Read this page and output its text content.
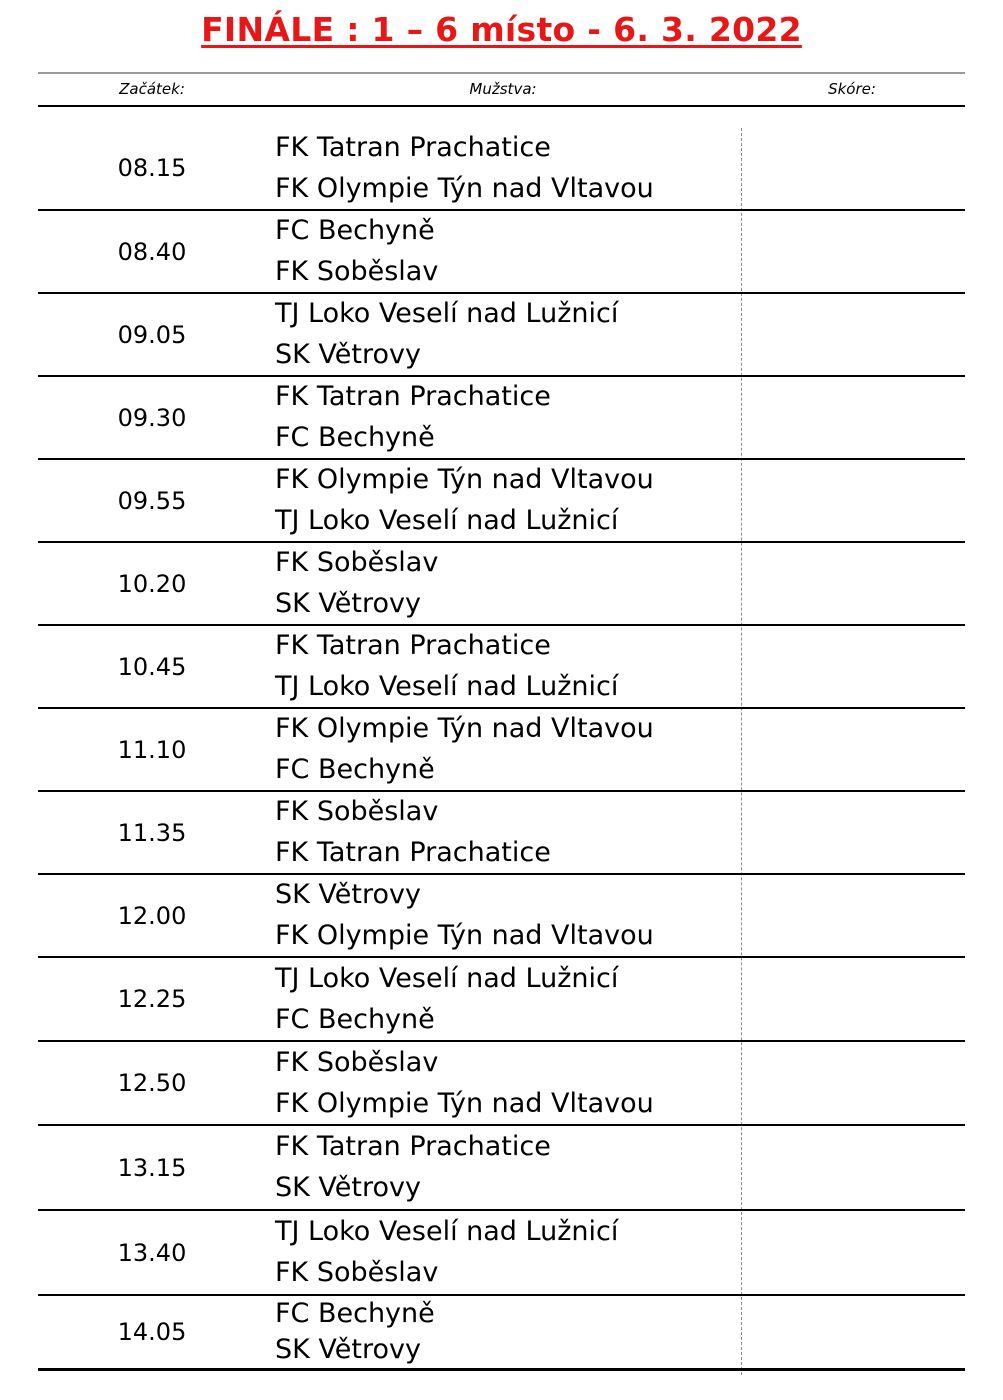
FINÁLE : 1 – 6 místo - 6. 3. 2022
Začátek:	Mužstva:	Skóre:
08.15
FK Tatran Prachatice
FK Olympie Týn nad Vltavou
08.40
FC Bechyně
FK Soběslav
09.05
TJ Loko Veselí nad Lužnicí
SK Větrovy
09.30
FK Tatran Prachatice
FC Bechyně
09.55
FK Olympie Týn nad Vltavou
TJ Loko Veselí nad Lužnicí
10.20
FK Soběslav
SK Větrovy
10.45
FK Tatran Prachatice
TJ Loko Veselí nad Lužnicí
11.10
FK Olympie Týn nad Vltavou
FC Bechyně
11.35
FK Soběslav
FK Tatran Prachatice
12.00
SK Větrovy
FK Olympie Týn nad Vltavou
12.25
TJ Loko Veselí nad Lužnicí
FC Bechyně
12.50
FK Soběslav
FK Olympie Týn nad Vltavou
13.15
FK Tatran Prachatice
SK Větrovy
13.40
TJ Loko Veselí nad Lužnicí
FK Soběslav
14.05
FC Bechyně
SK Větrovy
